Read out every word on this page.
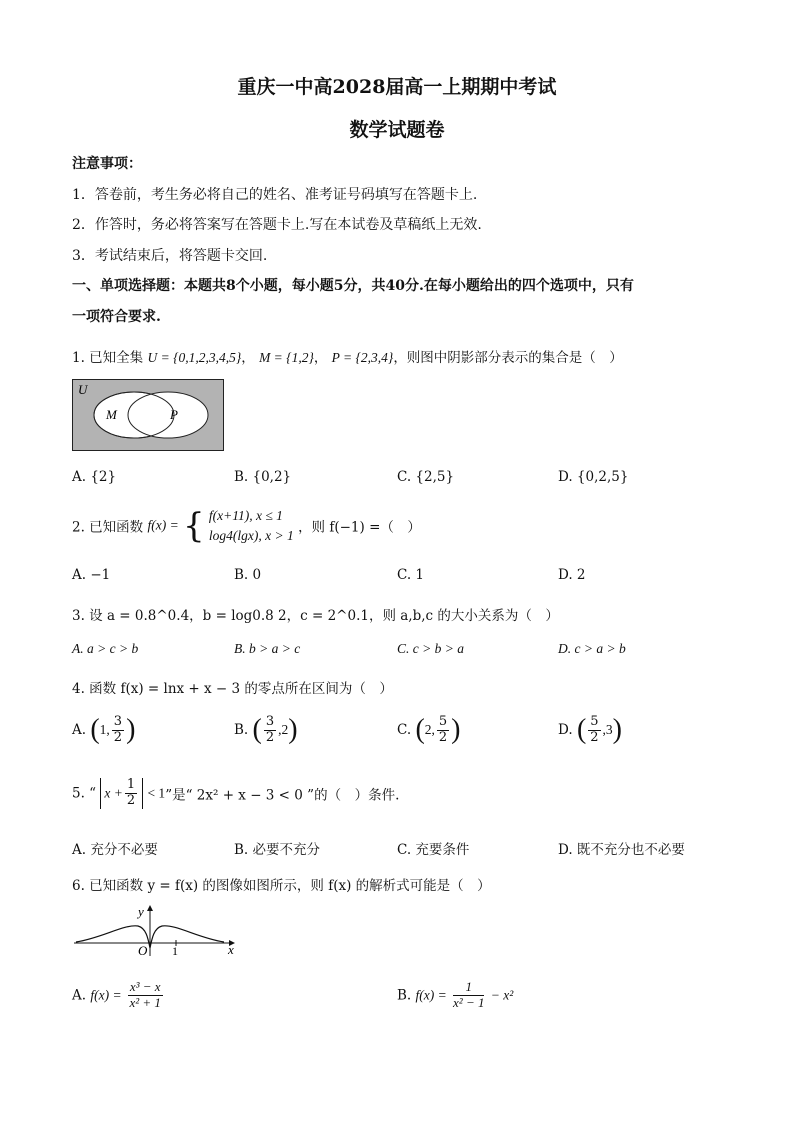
重庆一中高2028届高一上期期中考试
数学试题卷
注意事项：
1．答卷前，考生务必将自己的姓名、准考证号码填写在答题卡上.
2．作答时，务必将答案写在答题卡上.写在本试卷及草稿纸上无效.
3．考试结束后，将答题卡交回.
一、单项选择题：本题共8个小题，每小题5分，共40分.在每小题给出的四个选项中，只有
一项符合要求.
1. 已知全集 U = {0,1,2,3,4,5}， M = {1,2}， P = {2,3,4}，则图中阴影部分表示的集合是（　）
U
M	P
A. {2}	B. {0,2}	C. {2,5}	D. {0,2,5}
2. 已知函数 f(x) = { f(x+11), x ≤ 1
log4(lgx), x > 1 ，则 f(−1) =（　）
A. −1	B. 0	C. 1	D. 2
3. 设 a = 0.8^0.4，b = log0.8 2，c = 2^0.1，则 a,b,c 的大小关系为（　）
A. a > c > b	B. b > a > c	C. c > b > a	D. c > a > b
4. 函数 f(x) = lnx + x − 3 的零点所在区间为（　）
A. (1, $\frac{3}{2}$ )	B. ( $\frac{3}{2} ,2$)	C. (2, $\frac{5}{2}$ )	D. ( $\frac{5}{2} ,3$)
5. “ $x + \frac{1}{2} < 1$”是“ 2x² + x − 3 < 0 ”的（　）条件.
A. 充分不必要	B. 必要不充分	C. 充要条件	D. 既不充分也不必要
6. 已知函数 y = f(x) 的图像如图所示，则 f(x) 的解析式可能是（　）
y
x
O 1
A. $f(x) = \frac{\text{x³ − x}}{\text{x² + 1}}$	B. $f(x) = \frac{1}{\text{x² − 1}} - x^2$
